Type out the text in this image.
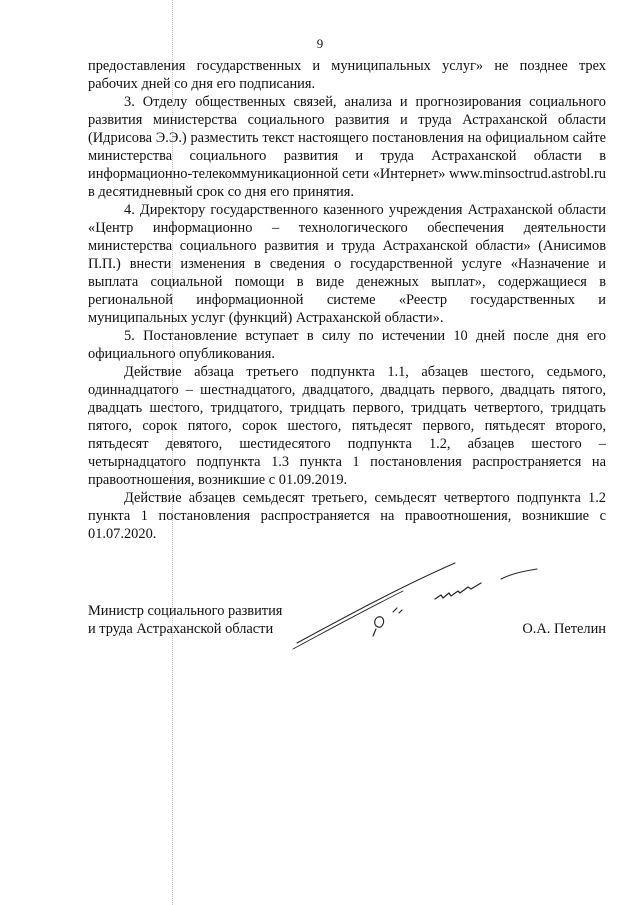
9

предоставления государственных и муниципальных услуг» не позднее трех рабочих дней со дня его подписания.

3. Отделу общественных связей, анализа и прогнозирования социального развития министерства социального развития и труда Астраханской области (Идрисова Э.Э.) разместить текст настоящего постановления на официальном сайте министерства социального развития и труда Астраханской области в информационно-телекоммуникационной сети «Интернет» www.minsoctrud.astrobl.ru в десятидневный срок со дня его принятия.

4. Директору государственного казенного учреждения Астраханской области «Центр информационно – технологического обеспечения деятельности министерства социального развития и труда Астраханской области» (Анисимов П.П.) внести изменения в сведения о государственной услуге «Назначение и выплата социальной помощи в виде денежных выплат», содержащиеся в региональной информационной системе «Реестр государственных и муниципальных услуг (функций) Астраханской области».

5. Постановление вступает в силу по истечении 10 дней после дня его официального опубликования.

Действие абзаца третьего подпункта 1.1, абзацев шестого, седьмого, одиннадцатого – шестнадцатого, двадцатого, двадцать первого, двадцать пятого, двадцать шестого, тридцатого, тридцать первого, тридцать четвертого, тридцать пятого, сорок пятого, сорок шестого, пятьдесят первого, пятьдесят второго, пятьдесят девятого, шестидесятого подпункта 1.2, абзацев шестого – четырнадцатого подпункта 1.3 пункта 1 постановления распространяется на правоотношения, возникшие с 01.09.2019.

Действие абзацев семьдесят третьего, семьдесят четвертого подпункта 1.2 пункта 1 постановления распространяется на правоотношения, возникшие с 01.07.2020.

Министр социального развития
и труда Астраханской области	О.А. Петелин
